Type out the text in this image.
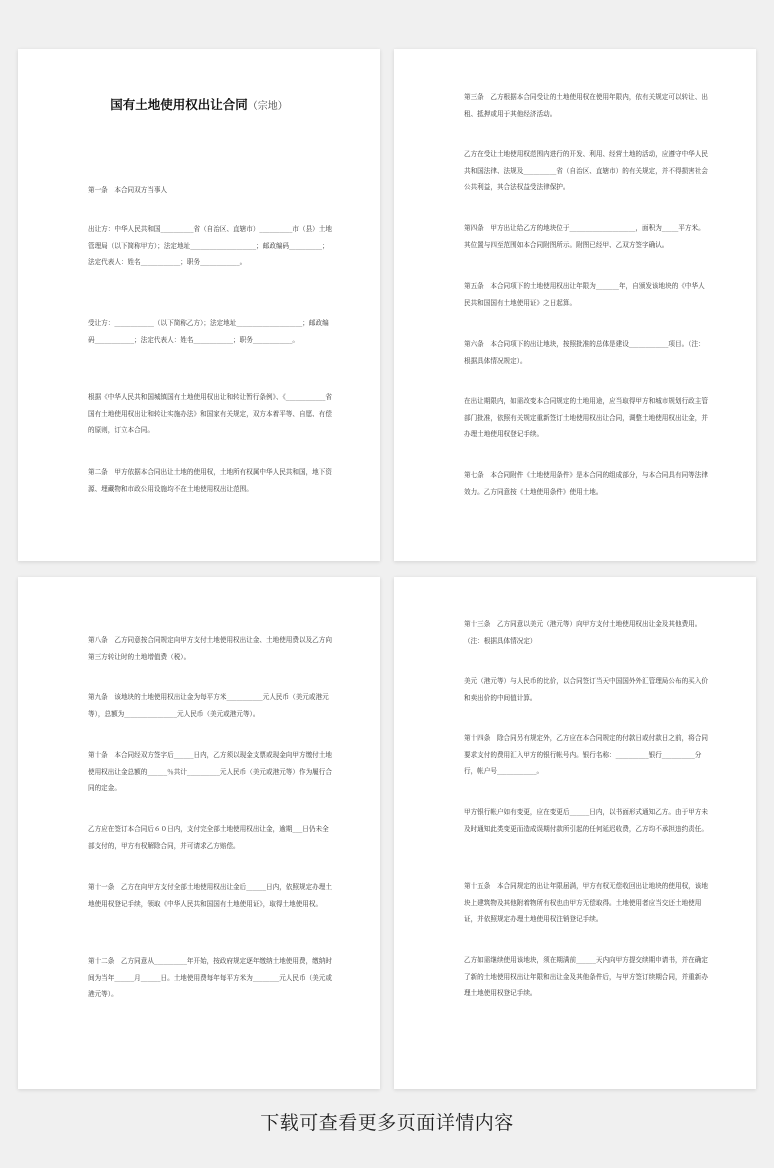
国有土地使用权出让合同（宗地）

第一条　本合同双方当事人

出让方：中华人民共和国__________省（自治区、直辖市）__________市（县）土地管理局（以下简称甲方）；法定地址____________________；邮政编码__________；法定代表人：姓名____________；职务____________。

受让方：____________（以下简称乙方）；法定地址____________________；邮政编码____________；法定代表人：姓名____________；职务____________。

根据《中华人民共和国城镇国有土地使用权出让和转让暂行条例》、《____________省国有土地使用权出让和转让实施办法》和国家有关规定，双方本着平等、自愿、有偿的原则，订立本合同。

第二条　甲方依据本合同出让土地的使用权，土地所有权属中华人民共和国，地下资源、埋藏物和市政公用设施均不在土地使用权出让范围。

第三条　乙方根据本合同受让的土地使用权在使用年限内，依有关规定可以转让、出租、抵押或用于其他经济活动。

乙方在受让土地使用权范围内进行的开发、利用、经营土地的活动，应遵守中华人民共和国法律、法规及__________省（自治区、直辖市）的有关规定，并不得损害社会公共利益，其合法权益受法律保护。

第四条　甲方出让给乙方的地块位于____________________，面积为_____平方米。其位置与四至范围如本合同附图所示。附图已经甲、乙双方签字确认。

第五条　本合同项下的土地使用权出让年限为_______年，自颁发该地块的《中华人民共和国国有土地使用证》之日起算。

第六条　本合同项下的出让地块，按照批准的总体是建设____________项目。（注：根据具体情况规定）。

在出让期限内，如需改变本合同规定的土地用途，应当取得甲方和城市规划行政主管部门批准，依照有关规定重新签订土地使用权出让合同，调整土地使用权出让金，并办理土地使用权登记手续。

第七条　本合同附件《土地使用条件》是本合同的组成部分，与本合同具有同等法律效力。乙方同意按《土地使用条件》使用土地。

第八条　乙方同意按合同规定向甲方支付土地使用权出让金、土地使用费以及乙方向第三方转让时的土地增值费（税）。

第九条　该地块的土地使用权出让金为每平方米___________元人民币（美元或港元等），总额为________________元人民币（美元或港元等）。

第十条　本合同经双方签字后______日内，乙方须以现金支票或现金向甲方缴付土地使用权出让金总额的______％共计__________元人民币（美元或港元等）作为履行合同的定金。

乙方应在签订本合同后６０日内，支付完全部土地使用权出让金，逾期___日仍未全部支付的，甲方有权解除合同，并可请求乙方赔偿。

第十一条　乙方在向甲方支付全部土地使用权出让金后______日内，依照规定办理土地使用权登记手续，领取《中华人民共和国国有土地使用证》，取得土地使用权。

第十二条　乙方同意从__________年开始，按政府规定逐年缴纳土地使用费，缴纳时间为当年______月______日。土地使用费每年每平方米为________元人民币（美元或港元等）。

第十三条　乙方同意以美元（港元等）向甲方支付土地使用权出让金及其他费用。（注：根据具体情况定）

美元（港元等）与人民币的比价，以合同签订当天中国国外外汇管理局公布的买入价和卖出价的中间值计算。

第十四条　除合同另有规定外，乙方应在本合同规定的付款日或付款日之前，将合同要求支付的费用汇入甲方的银行帐号内。银行名称：__________银行__________分行，帐户号____________。

甲方银行帐户如有变更，应在变更后______日内，以书面形式通知乙方。由于甲方未及时通知此类变更而造成误期付款所引起的任何延迟收费，乙方均不承担违约责任。

第十五条　本合同规定的出让年限届满，甲方有权无偿收回出让地块的使用权，该地块上建筑物及其他附着物所有权也由甲方无偿取得。土地使用者应当交还土地使用证，并依照规定办理土地使用权注销登记手续。

乙方如需继续使用该地块，须在期满前______天内向甲方提交续期申请书，并在确定了新的土地使用权出让年限和出让金及其他条件后，与甲方签订续期合同，并重新办理土地使用权登记手续。

下载可查看更多页面详情内容
